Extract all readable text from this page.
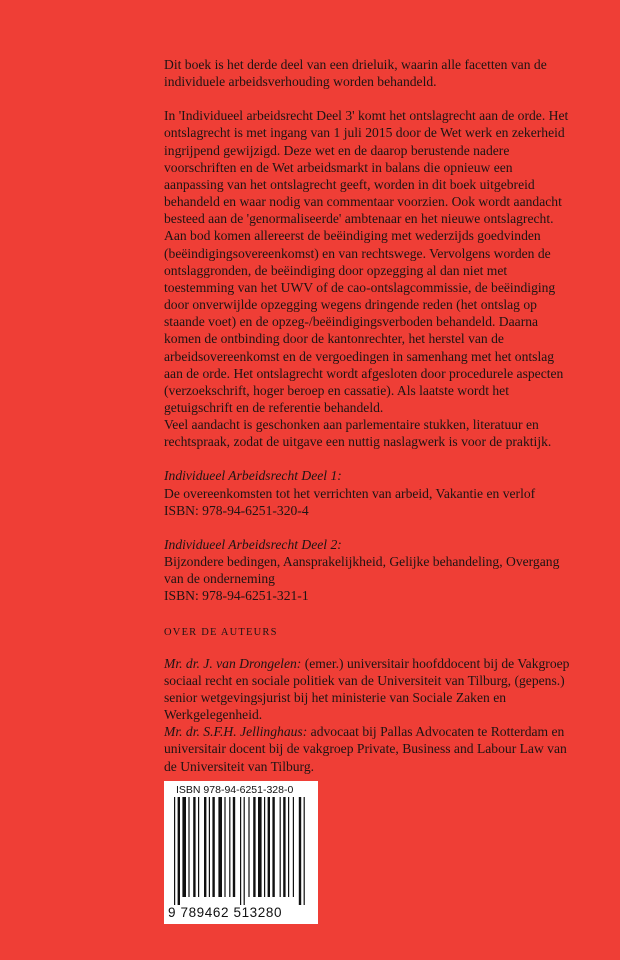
Dit boek is het derde deel van een drieluik, waarin alle facetten van de individuele arbeidsverhouding worden behandeld.

In 'Individueel arbeidsrecht Deel 3' komt het ontslagrecht aan de orde. Het ontslagrecht is met ingang van 1 juli 2015 door de Wet werk en zekerheid ingrijpend gewijzigd. Deze wet en de daarop berustende nadere voorschriften en de Wet arbeidsmarkt in balans die opnieuw een aanpassing van het ontslagrecht geeft, worden in dit boek uitgebreid behandeld en waar nodig van commentaar voorzien. Ook wordt aandacht besteed aan de 'genormaliseerde' ambtenaar en het nieuwe ontslagrecht. Aan bod komen allereerst de beëindiging met wederzijds goedvinden (beëindigingsovereenkomst) en van rechtswege. Vervolgens worden de ontslaggronden, de beëindiging door opzegging al dan niet met toestemming van het UWV of de cao-ontslagcommissie, de beëindiging door onverwijlde opzegging wegens dringende reden (het ontslag op staande voet) en de opzeg-/beëindigingsverboden behandeld. Daarna komen de ontbinding door de kantonrechter, het herstel van de arbeidsovereenkomst en de vergoedingen in samenhang met het ontslag aan de orde. Het ontslagrecht wordt afgesloten door procedurele aspecten (verzoekschrift, hoger beroep en cassatie). Als laatste wordt het getuigschrift en de referentie behandeld.

Veel aandacht is geschonken aan parlementaire stukken, literatuur en rechtspraak, zodat de uitgave een nuttig naslagwerk is voor de praktijk.

Individueel Arbeidsrecht Deel 1:
De overeenkomsten tot het verrichten van arbeid, Vakantie en verlof
ISBN: 978-94-6251-320-4
Individueel Arbeidsrecht Deel 2:
Bijzondere bedingen, Aansprakelijkheid, Gelijke behandeling, Overgang van de onderneming
ISBN: 978-94-6251-321-1
OVER DE AUTEURS
Mr. dr. J. van Drongelen: (emer.) universitair hoofddocent bij de Vakgroep sociaal recht en sociale politiek van de Universiteit van Tilburg, (gepens.) senior wetgevingsjurist bij het ministerie van Sociale Zaken en Werkgelegenheid.
Mr. dr. S.F.H. Jellinghaus: advocaat bij Pallas Advocaten te Rotterdam en universitair docent bij de vakgroep Private, Business and Labour Law van de Universiteit van Tilburg.
ISBN 978-94-6251-328-0
9 789462 513280
